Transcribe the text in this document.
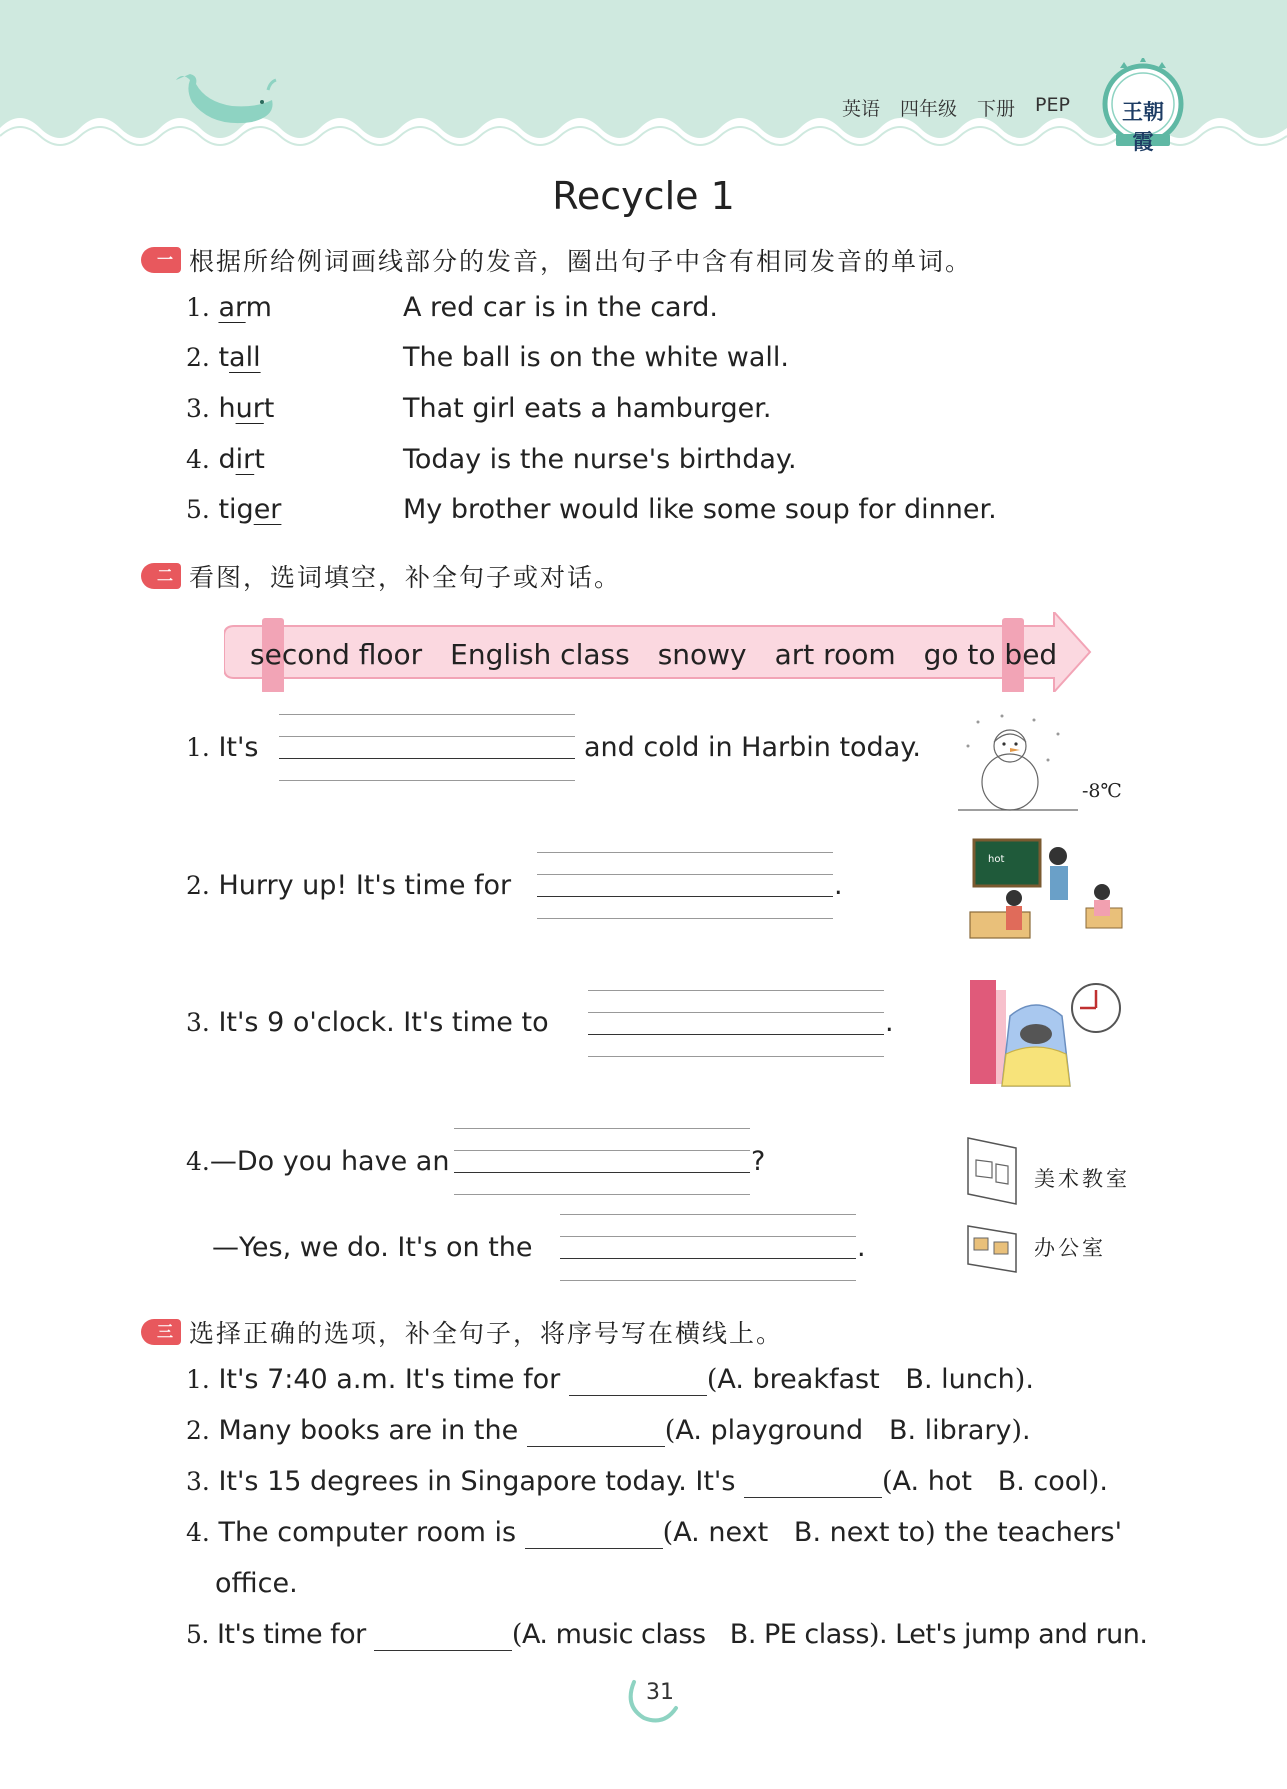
英语 四年级 下册 PEP	王朝霞
Recycle 1
一 根据所给例词画线部分的发音，圈出句子中含有相同发音的单词。
1. arm	A red car is in the card.
2. tall	The ball is on the white wall.
3. hurt	That girl eats a hamburger.
4. dirt	Today is the nurse's birthday.
5. tiger	My brother would like some soup for dinner.
二 看图，选词填空，补全句子或对话。
second floor English class snowy art room go to bed
1. It's	and cold in Harbin today.
2. Hurry up! It's time for	.
3. It's 9 o'clock. It's time to	.
4.—Do you have an	?
—Yes, we do. It's on the	.
-8℃
hot
美术教室
办公室
三 选择正确的选项，补全句子，将序号写在横线上。
1. It's 7:40 a.m. It's time for	(A. breakfast B. lunch).
2. Many books are in the	(A. playground B. library).
3. It's 15 degrees in Singapore today. It's	(A. hot B. cool).
4. The computer room is	(A. next B. next to) the teachers'
office.
5. It's time for	(A. music class B. PE class). Let's jump and run.
31
